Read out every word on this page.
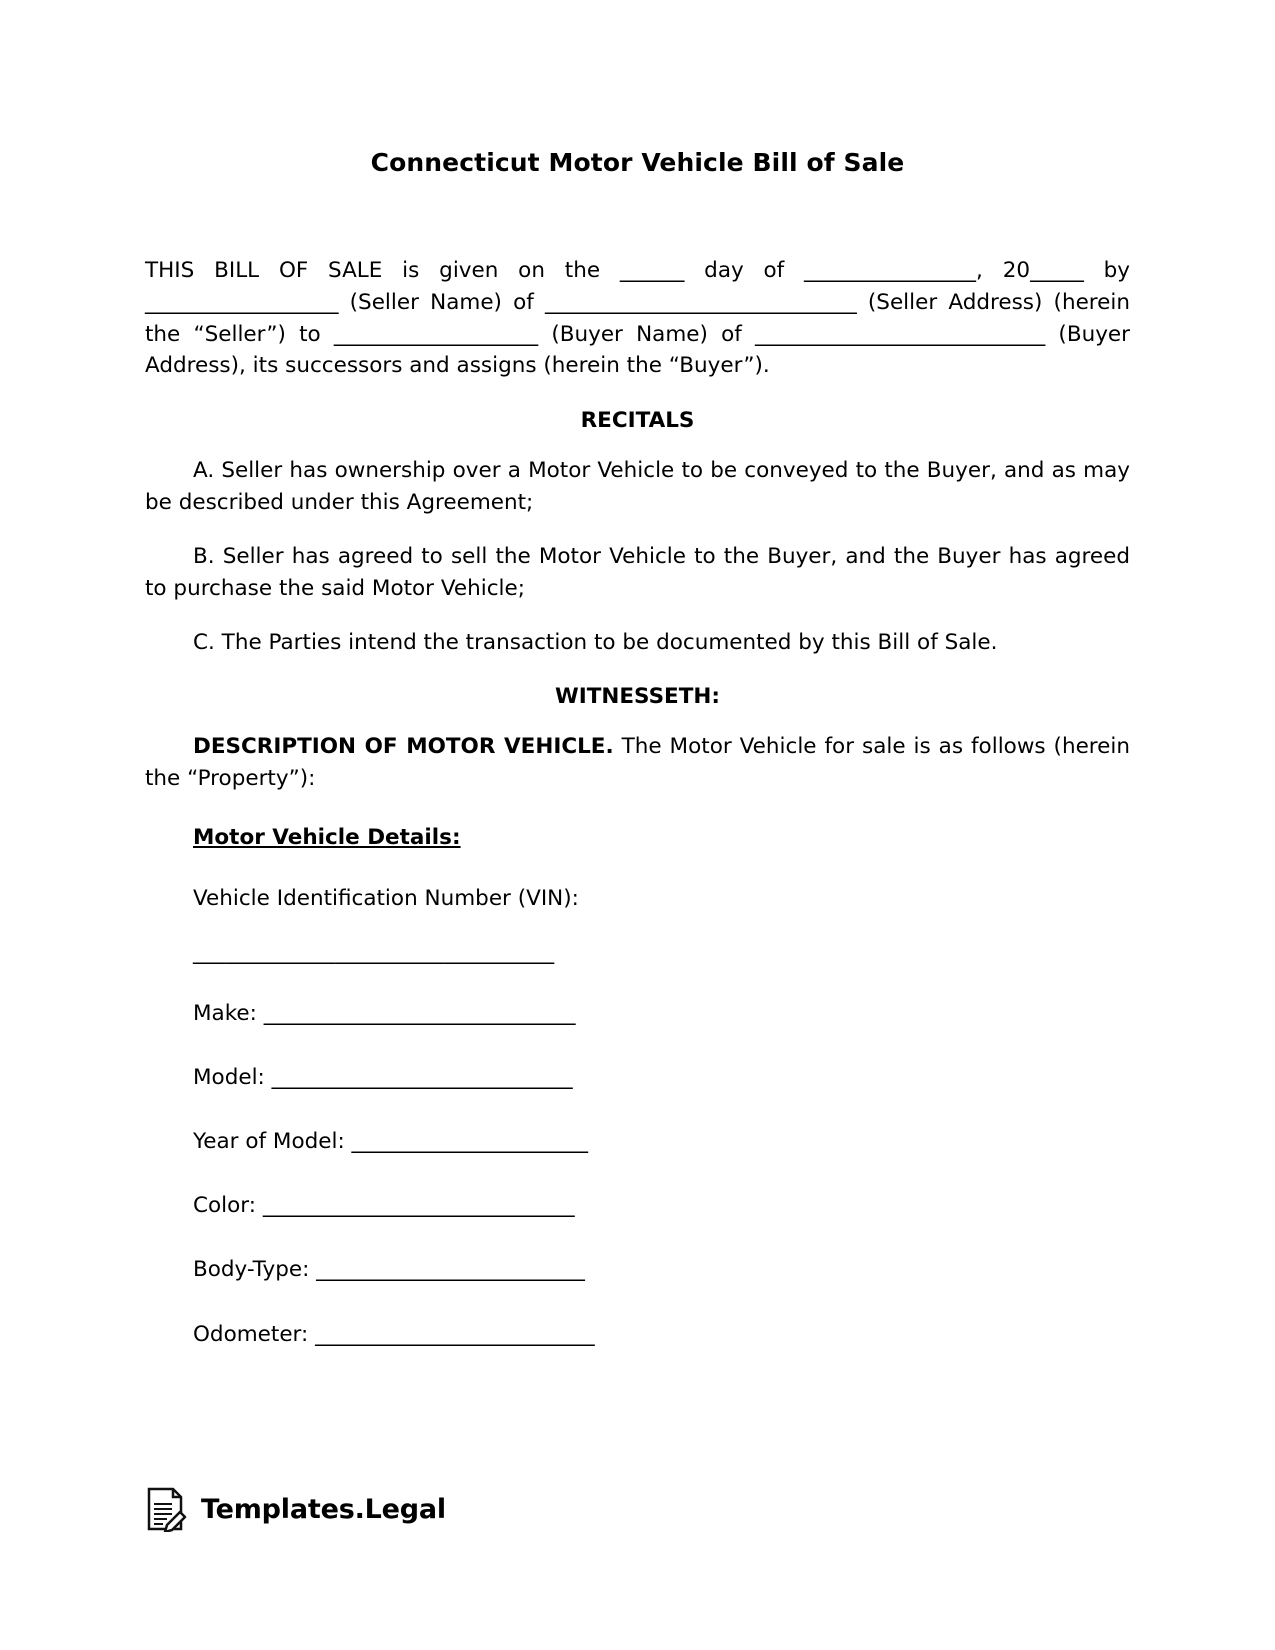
Connecticut Motor Vehicle Bill of Sale

THIS BILL OF SALE is given on the ______ day of ________________, 20_____ by __________________ (Seller Name) of _____________________________ (Seller Address) (herein the “Seller”) to ___________________ (Buyer Name) of ___________________________ (Buyer Address), its successors and assigns (herein the “Buyer”).

RECITALS

A. Seller has ownership over a Motor Vehicle to be conveyed to the Buyer, and as may be described under this Agreement;

B. Seller has agreed to sell the Motor Vehicle to the Buyer, and the Buyer has agreed to purchase the said Motor Vehicle;

C. The Parties intend the transaction to be documented by this Bill of Sale.

WITNESSETH:

DESCRIPTION OF MOTOR VEHICLE. The Motor Vehicle for sale is as follows (herein the “Property”):

Motor Vehicle Details:
Vehicle Identification Number (VIN):
_________________________________
Make: _____________________________
Model: ____________________________
Year of Model: ______________________
Color: _____________________________
Body-Type: _________________________
Odometer: __________________________
Templates.Legal
